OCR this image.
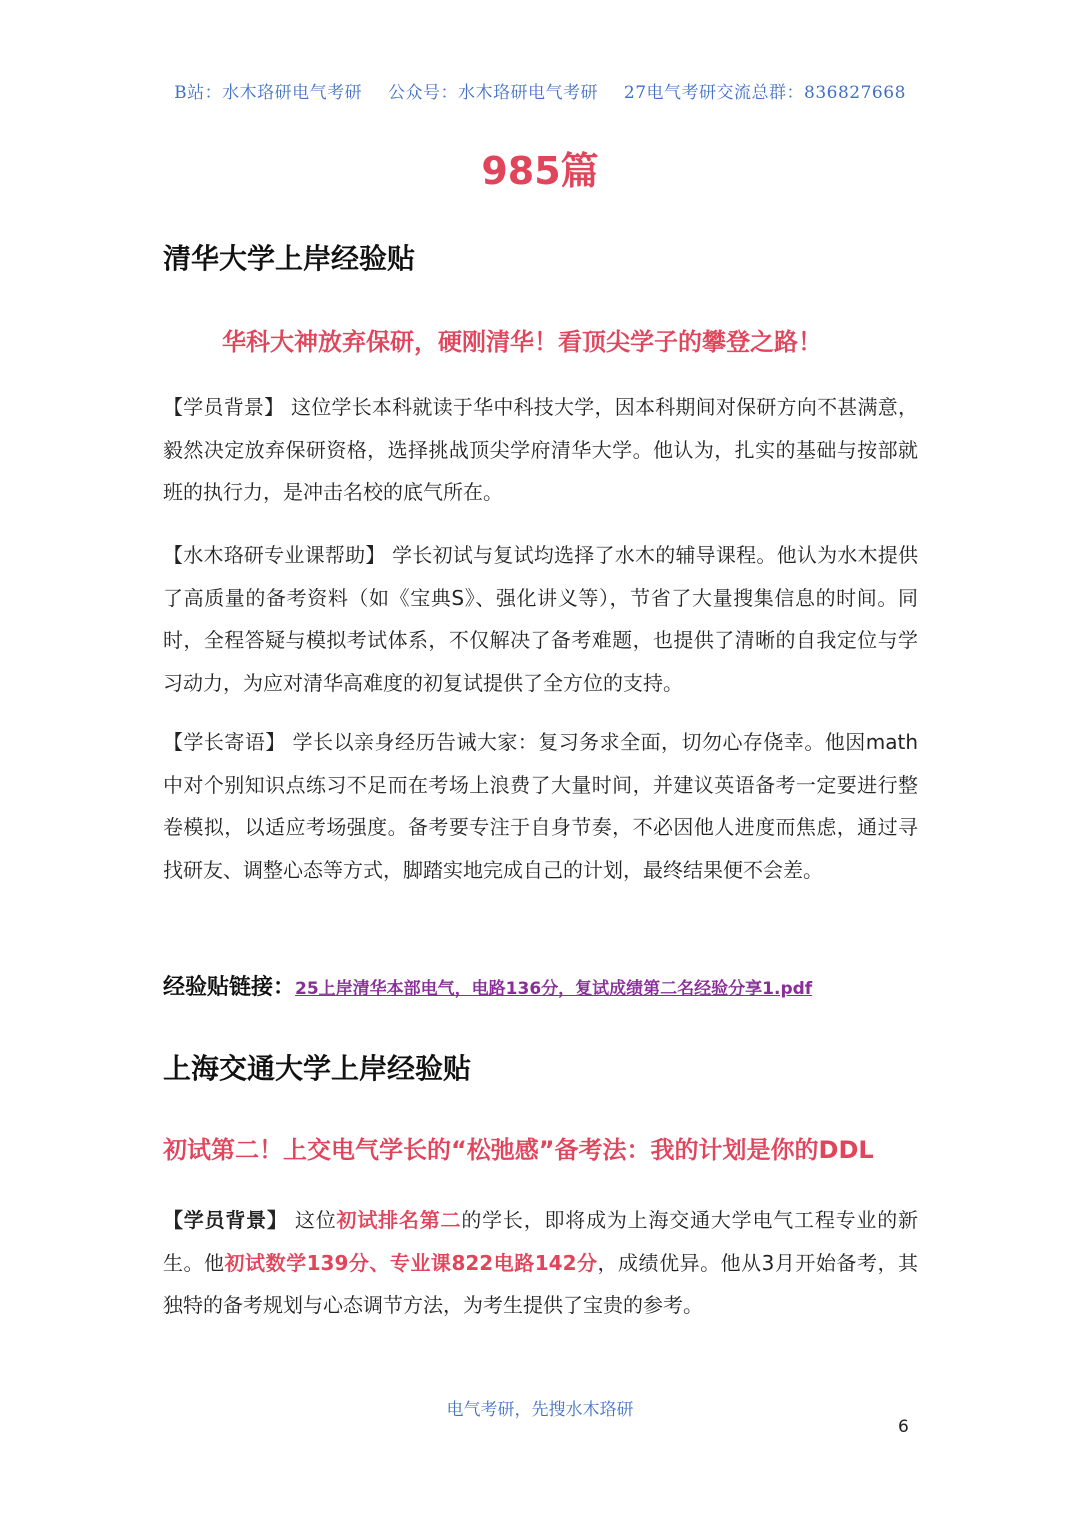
B站：水木珞研电气考研 公众号：水木珞研电气考研 27电气考研交流总群：836827668
985篇
清华大学上岸经验贴
华科大神放弃保研，硬刚清华！看顶尖学子的攀登之路！
【学员背景】 这位学长本科就读于华中科技大学，因本科期间对保研方向不甚满意，毅然决定放弃保研资格，选择挑战顶尖学府清华大学。他认为，扎实的基础与按部就班的执行力，是冲击名校的底气所在。
【水木珞研专业课帮助】 学长初试与复试均选择了水木的辅导课程。他认为水木提供了高质量的备考资料（如《宝典S》、强化讲义等），节省了大量搜集信息的时间。同时，全程答疑与模拟考试体系，不仅解决了备考难题，也提供了清晰的自我定位与学习动力，为应对清华高难度的初复试提供了全方位的支持。
【学长寄语】 学长以亲身经历告诫大家：复习务求全面，切勿心存侥幸。他因math中对个别知识点练习不足而在考场上浪费了大量时间，并建议英语备考一定要进行整卷模拟，以适应考场强度。备考要专注于自身节奏，不必因他人进度而焦虑，通过寻找研友、调整心态等方式，脚踏实地完成自己的计划，最终结果便不会差。
经验贴链接：25上岸清华本部电气，电路136分，复试成绩第二名经验分享1.pdf
上海交通大学上岸经验贴
初试第二！上交电气学长的“松弛感”备考法：我的计划是你的DDL
【学员背景】 这位初试排名第二的学长，即将成为上海交通大学电气工程专业的新生。他初试数学139分、专业课822电路142分，成绩优异。他从3月开始备考，其独特的备考规划与心态调节方法，为考生提供了宝贵的参考。
电气考研，先搜水木珞研
6
